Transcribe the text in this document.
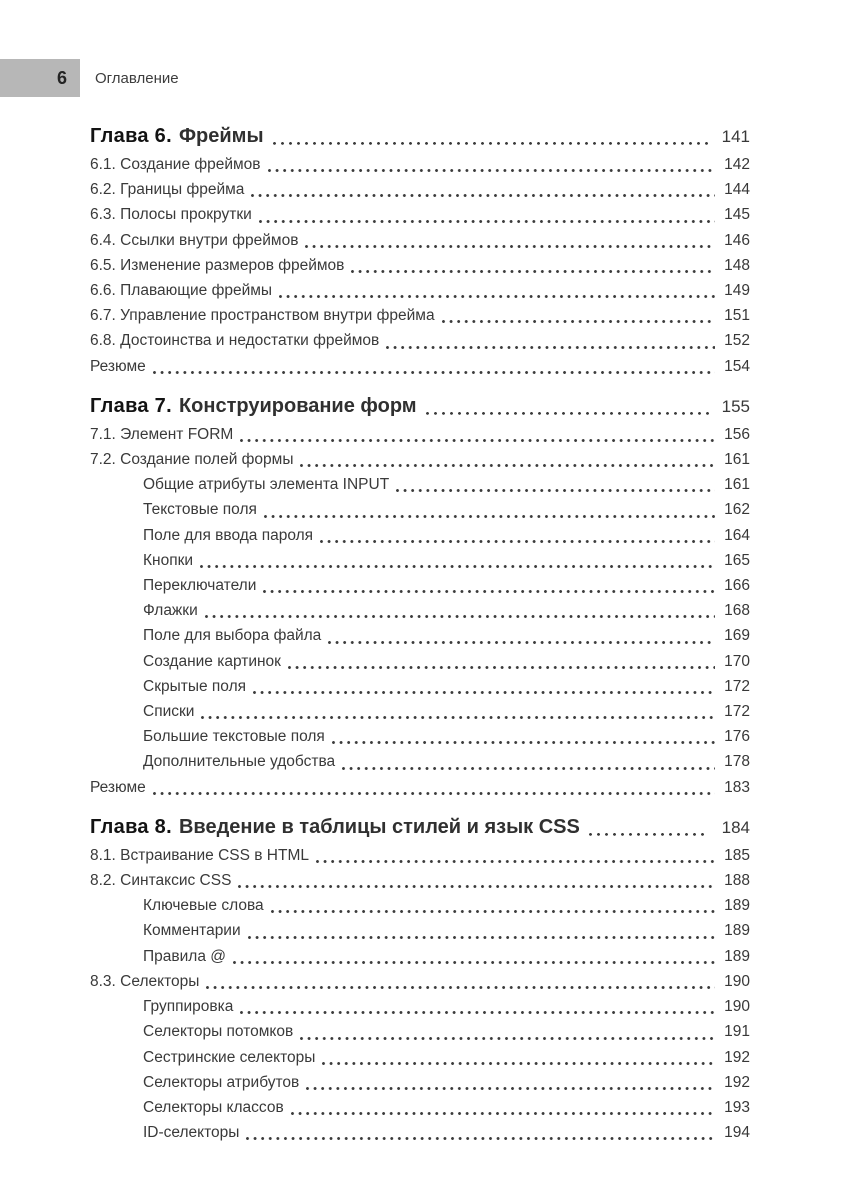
6 Оглавление
Глава 6. Фреймы	141
6.1. Создание фреймов	142
6.2. Границы фрейма	144
6.3. Полосы прокрутки	145
6.4. Ссылки внутри фреймов	146
6.5. Изменение размеров фреймов	148
6.6. Плавающие фреймы	149
6.7. Управление пространством внутри фрейма	151
6.8. Достоинства и недостатки фреймов	152
Резюме	154
Глава 7. Конструирование форм	155
7.1. Элемент FORM	156
7.2. Создание полей формы	161
Общие атрибуты элемента INPUT	161
Текстовые поля	162
Поле для ввода пароля	164
Кнопки	165
Переключатели	166
Флажки	168
Поле для выбора файла	169
Создание картинок	170
Скрытые поля	172
Списки	172
Большие текстовые поля	176
Дополнительные удобства	178
Резюме	183
Глава 8. Введение в таблицы стилей и язык CSS	184
8.1. Встраивание CSS в HTML	185
8.2. Синтаксис CSS	188
Ключевые слова	189
Комментарии	189
Правила @	189
8.3. Селекторы	190
Группировка	190
Селекторы потомков	191
Сестринские селекторы	192
Селекторы атрибутов	192
Селекторы классов	193
ID-селекторы	194
